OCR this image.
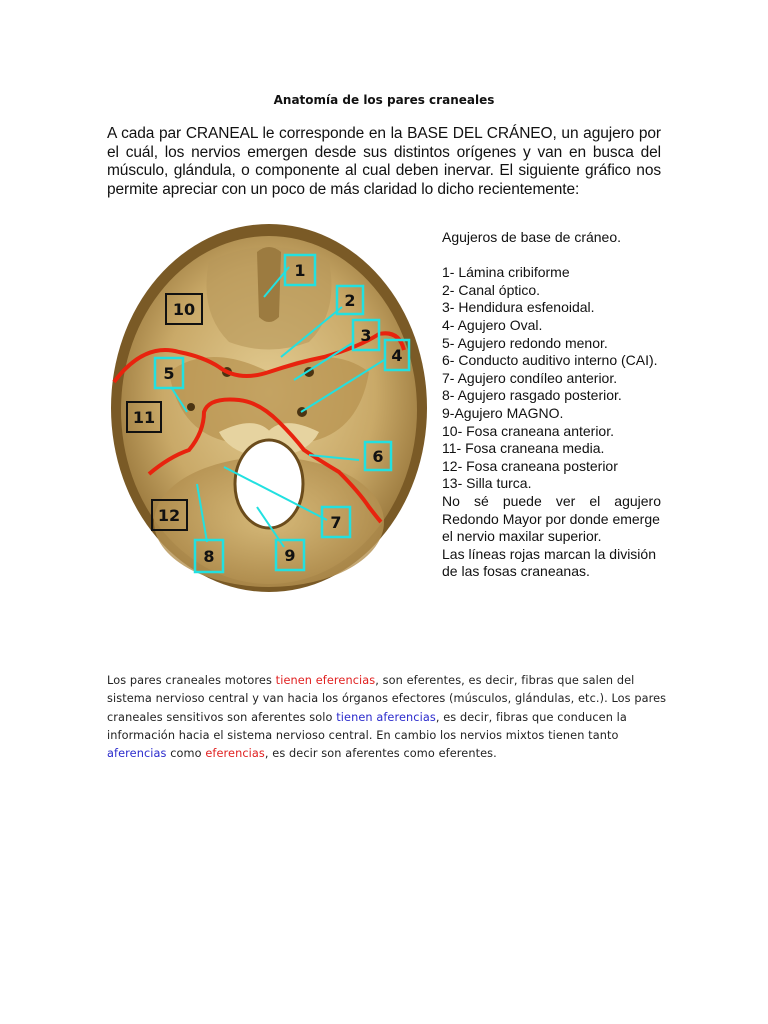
Anatomía de los pares craneales

A cada par CRANEAL le corresponde en la BASE DEL CRÁNEO, un agujero por el cuál, los nervios emergen desde sus distintos orígenes y van en busca del músculo, glándula, o componente al cual deben inervar. El siguiente gráfico nos permite apreciar con un poco de más claridad lo dicho recientemente:

1
2
3
4
5
6
7
8	9
10
11
12
Agujeros de base de cráneo.
1- Lámina cribiforme
2- Canal óptico.
3- Hendidura esfenoidal.
4- Agujero Oval.
5- Agujero redondo menor.
6- Conducto auditivo interno (CAI).
7- Agujero condíleo anterior.
8- Agujero rasgado posterior.
9-Agujero MAGNO.
10- Fosa craneana anterior.
11- Fosa craneana media.
12- Fosa craneana posterior
13- Silla turca.
No sé puede ver el agujero Redondo Mayor por donde emerge
el nervio maxilar superior.
Las líneas rojas marcan la división
de las fosas craneanas.

Los pares craneales motores tienen eferencias, son eferentes, es decir, fibras que salen del sistema nervioso central y van hacia los órganos efectores (músculos, glándulas, etc.). Los pares craneales sensitivos son aferentes solo tienen aferencias, es decir, fibras que conducen la información hacia el sistema nervioso central. En cambio los nervios mixtos tienen tanto aferencias como eferencias, es decir son aferentes como eferentes.
